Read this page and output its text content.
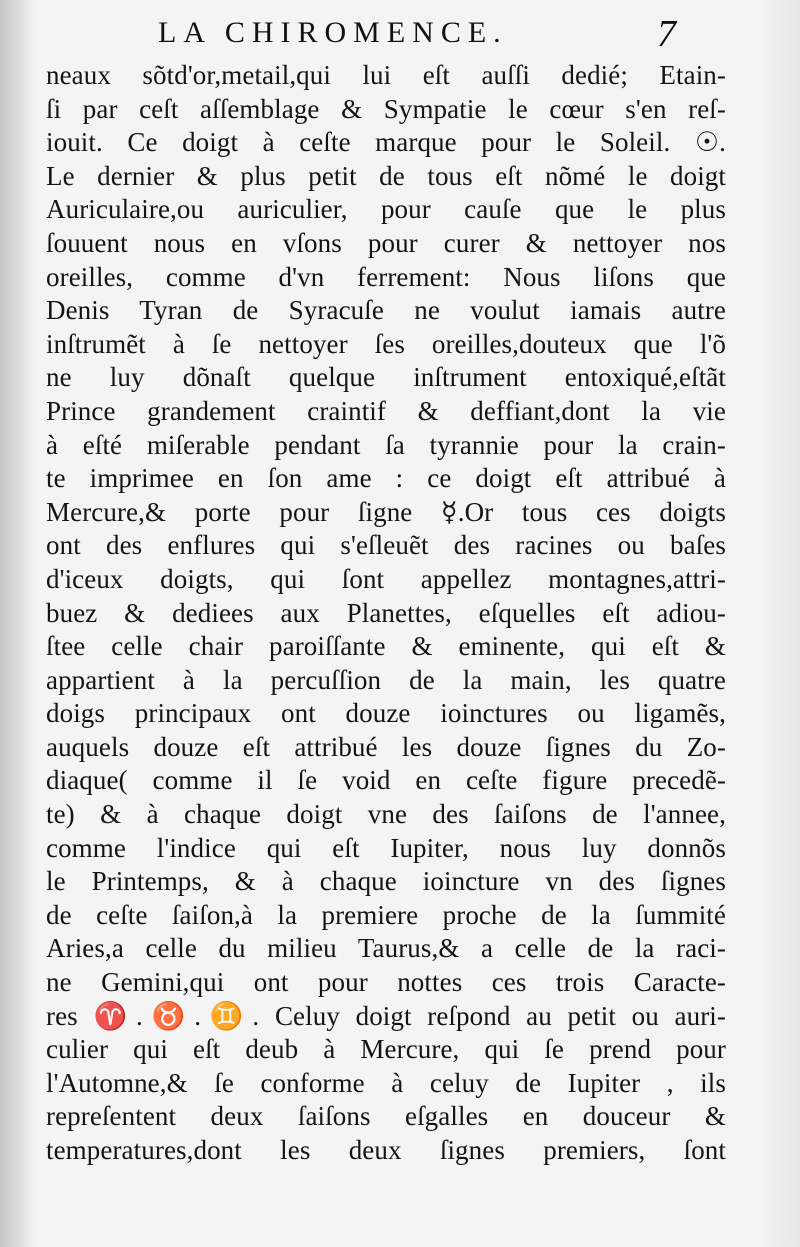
LA CHIROMENCE.	7
neaux sõtd'or,metail,qui lui eſt auſſi dedié; Etain-
ſi par ceſt aſſemblage & Sympatie le cœur s'en reſ-
iouit. Ce doigt à ceſte marque pour le Soleil. ☉.
Le dernier & plus petit de tous eſt nõmé le doigt
Auriculaire,ou auriculier, pour cauſe que le plus
ſouuent nous en vſons pour curer & nettoyer nos
oreilles, comme d'vn ferrement: Nous liſons que
Denis Tyran de Syracuſe ne voulut iamais autre
inſtrumẽt à ſe nettoyer ſes oreilles,douteux que l'õ
ne luy dõnaſt quelque inſtrument entoxiqué,eſtãt
Prince grandement craintif & deffiant,dont la vie
à eſté miſerable pendant ſa tyrannie pour la crain-
te imprimee en ſon ame : ce doigt eſt attribué à
Mercure,& porte pour ſigne ☿.Or tous ces doigts
ont des enflures qui s'eſleuẽt des racines ou baſes
d'iceux doigts, qui ſont appellez montagnes,attri-
buez & dediees aux Planettes, eſquelles eſt adiou-
ſtee celle chair paroiſſante & eminente, qui eſt &
appartient à la percuſſion de la main, les quatre
doigs principaux ont douze ioinctures ou ligamẽs,
auquels douze eſt attribué les douze ſignes du Zo-
diaque( comme il ſe void en ceſte figure precedẽ-
te) & à chaque doigt vne des ſaiſons de l'annee,
comme l'indice qui eſt Iupiter, nous luy donnõs
le Printemps, & à chaque ioincture vn des ſignes
de ceſte ſaiſon,à la premiere proche de la ſummité
Aries,a celle du milieu Taurus,& a celle de la raci-
ne Gemini,qui ont pour nottes ces trois Caracte-
res ♈.♉.♊. Celuy doigt reſpond au petit ou auri-
culier qui eſt deub à Mercure, qui ſe prend pour
l'Automne,& ſe conforme à celuy de Iupiter , ils
repreſentent deux ſaiſons eſgalles en douceur &
temperatures,dont les deux ſignes premiers, ſont
